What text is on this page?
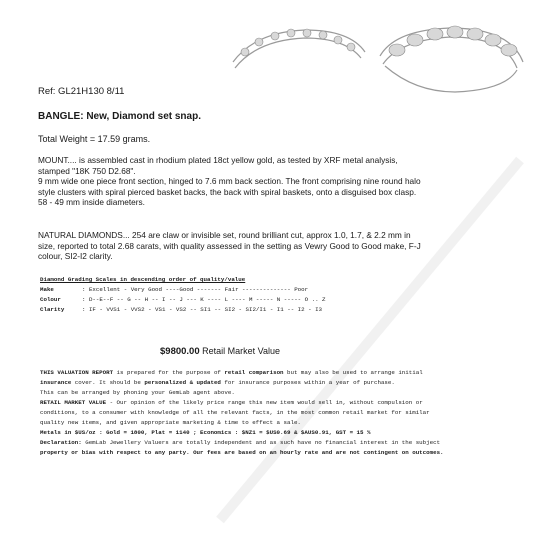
Ref: GL21H130 8/11
BANGLE: New, Diamond set snap.
Total Weight = 17.59 grams.
MOUNT.... is assembled cast in rhodium plated 18ct yellow gold, as tested by XRF metal analysis,
stamped "18K 750 D2.68".
9 mm wide one piece front section, hinged to 7.6 mm back section. The front comprising nine round halo
style clusters with spiral pierced basket backs, the back with spiral baskets, onto a disguised box clasp.
58 - 49 mm inside diameters.
NATURAL DIAMONDS... 254 are claw or invisible set, round brilliant cut, approx 1.0, 1.7, & 2.2 mm in
size, reported to total 2.68 carats, with quality assessed in the setting as Vewry Good to Good make, F-J
colour, SI2-I2 clarity.
Diamond Grading Scales in descending order of quality/value
Make	: Excellent - Very Good ----Good ------- Fair -------------- Poor
Colour	: D--E--F -- G -- H -- I -- J --- K ---- L ---- M ----- N ----- O .. Z
Clarity	: IF - VVS1 - VVS2 - VS1 - VS2 -- SI1 -- SI2 - SI2/I1 - I1 -- I2 - I3
$9800.00 Retail Market Value
THIS VALUATION REPORT is prepared for the purpose of retail comparison but may also be used to arrange initial
insurance cover. It should be personalized & updated for insurance purposes within a year of purchase.
This can be arranged by phoning your GemLab agent above.
RETAIL MARKET VALUE - Our opinion of the likely price range this new item would sell in, without compulsion or
conditions, to a consumer with knowledge of all the relevant facts, in the most common retail market for similar
quality new items, and given appropriate marketing & time to effect a sale.
Metals in $US/oz : Gold = 1800, Plat = 1140 ; Economics : $NZ1 = $US0.69 & $AUS0.91, GST = 15 %
Declaration: GemLab Jewellery Valuers are totally independent and as such have no financial interest in the subject
property or bias with respect to any party. Our fees are based on an hourly rate and are not contingent on outcomes.
